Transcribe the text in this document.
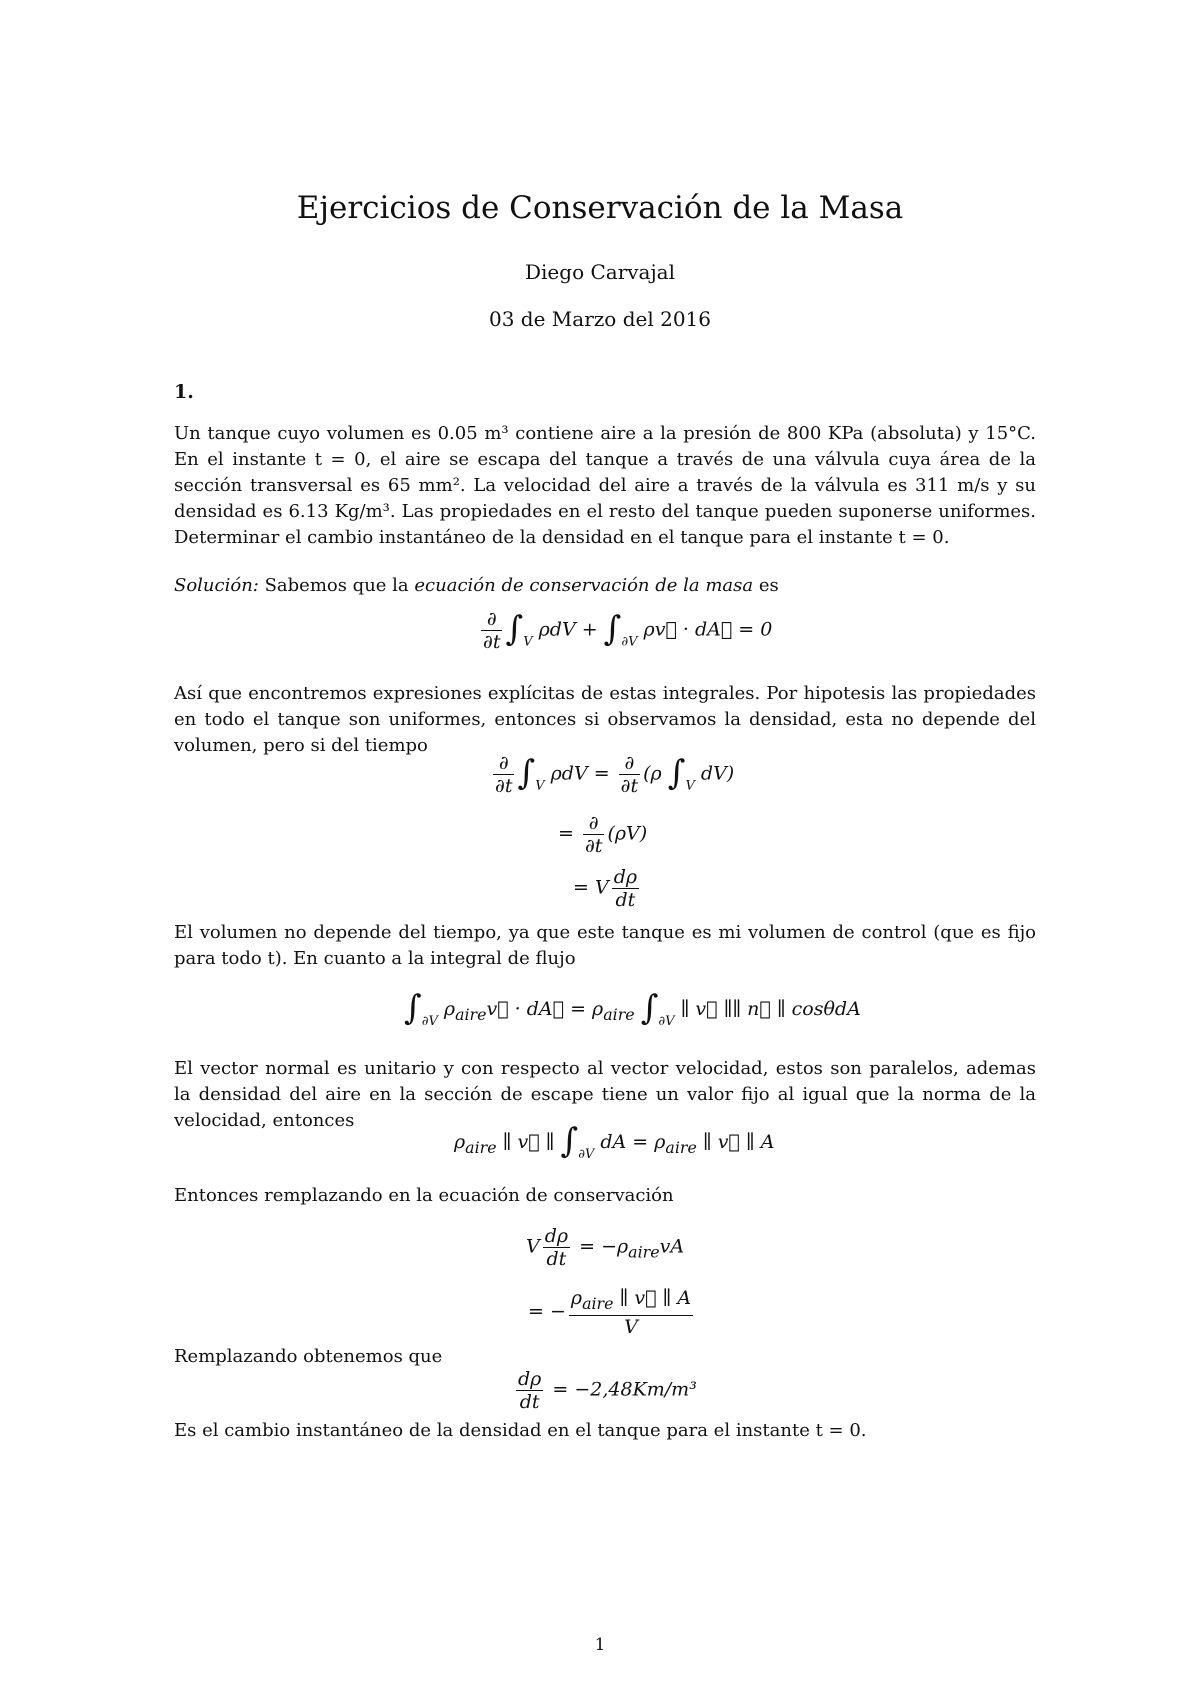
Ejercicios de Conservación de la Masa
Diego Carvajal
03 de Marzo del 2016
1.

Un tanque cuyo volumen es 0.05 m³ contiene aire a la presión de 800 KPa (absoluta) y 15°C. En el instante t = 0, el aire se escapa del tanque a través de una válvula cuya área de la sección transversal es 65 mm². La velocidad del aire a través de la válvula es 311 m/s y su densidad es 6.13 Kg/m³. Las propiedades en el resto del tanque pueden suponerse uniformes. Determinar el cambio instantáneo de la densidad en el tanque para el instante t = 0.

Solución: Sabemos que la ecuación de conservación de la masa es

$\frac{\partial}{\partial t} \int_V$ $\rho dV + \int_{\partial V}$ ρv⃗ · dA⃗ = 0

Así que encontremos expresiones explícitas de estas integrales. Por hipotesis las propiedades en todo el tanque son uniformes, entonces si observamos la densidad, esta no depende del volumen, pero si del tiempo

$\frac{\partial}{\partial t} \int_V$ $\rho dV = \frac{\partial}{\partial t} (\rho$ $\int_V$ dV)
= $\frac{\partial}{\partial t} (\rho V)$
= V $\frac{d\rho}{dt}$

El volumen no depende del tiempo, ya que este tanque es mi volumen de control (que es fijo para todo t). En cuanto a la integral de flujo

$\int_{\partial V}$ $\rho_{aire}v⃗$ · dA⃗ = $\rho_{aire}$ $\int_{\partial V}$ ∥ v⃗ ∥∥ n⃗ ∥ cosθdA

El vector normal es unitario y con respecto al vector velocidad, estos son paralelos, ademas la densidad del aire en la sección de escape tiene un valor fijo al igual que la norma de la velocidad, entonces

$\rho_{aire}$ ∥ v⃗ ∥ $\int_{\partial V}$ dA = $\rho_{aire}$ ∥ v⃗ ∥ A

Entonces remplazando en la ecuación de conservación

V $\frac{d\rho}{dt} = -\rho_{aire}vA$
= − $\frac{\rho_{aire} \parallel v⃗ \parallel A}{V}$

Remplazando obtenemos que

$\frac{d\rho}{dt} = -2,48Km/m^3$

Es el cambio instantáneo de la densidad en el tanque para el instante t = 0.

1
